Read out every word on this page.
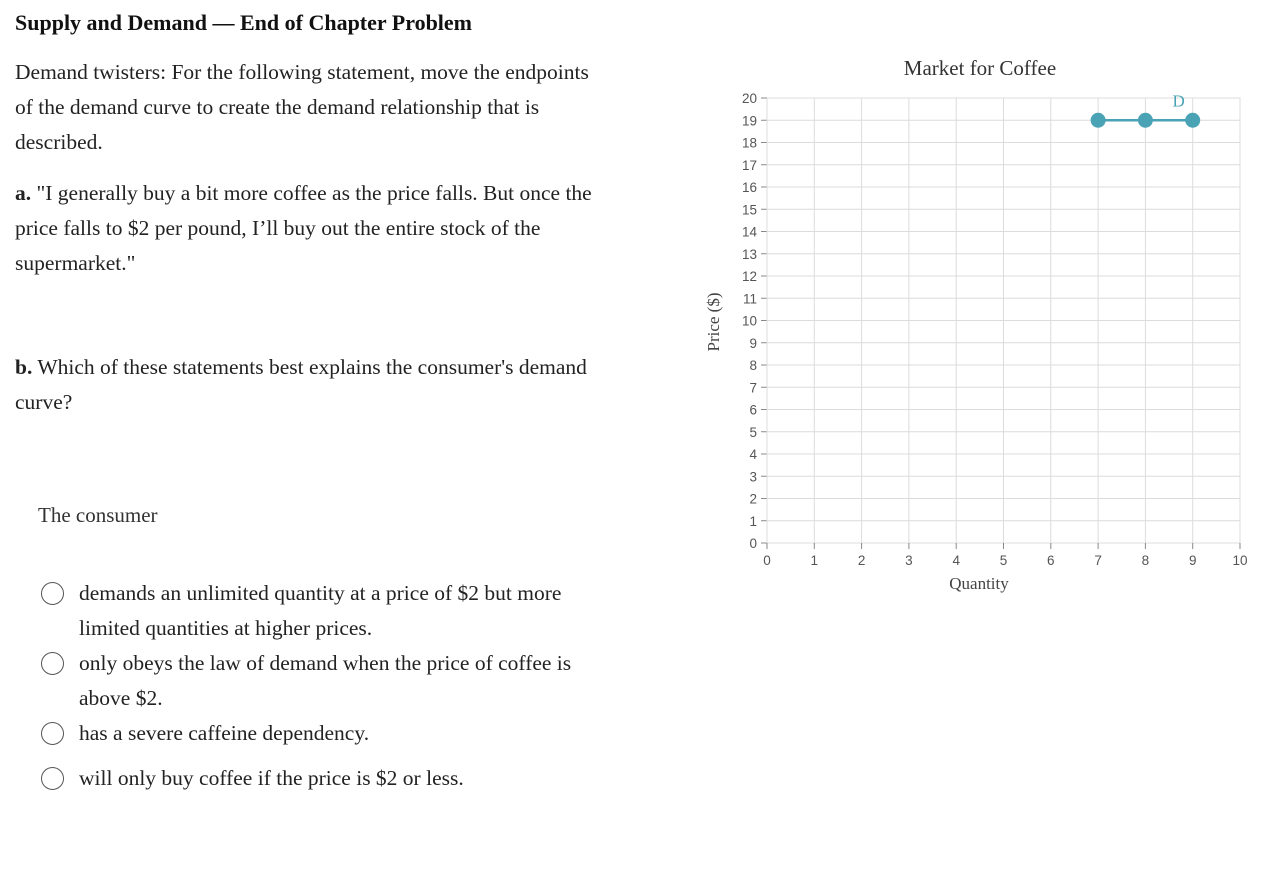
Supply and Demand — End of Chapter Problem

Demand twisters: For the following statement, move the endpoints of the demand curve to create the demand relationship that is described.

a. "I generally buy a bit more coffee as the price falls. But once the price falls to $2 per pound, I’ll buy out the entire stock of the supermarket."

b. Which of these statements best explains the consumer's demand curve?

The consumer
demands an unlimited quantity at a price of $2 but more limited quantities at higher prices.
only obeys the law of demand when the price of coffee is above $2.
has a severe caffeine dependency.
will only buy coffee if the price is $2 or less.
0
1
2
3
4
5
6
7
8
9
10
11
12
13
14
15
16
17
18
19
20
0	1	2	3	4	5	6	7	8	9	10
D
Market for Coffee
Quantity
Price ($)
